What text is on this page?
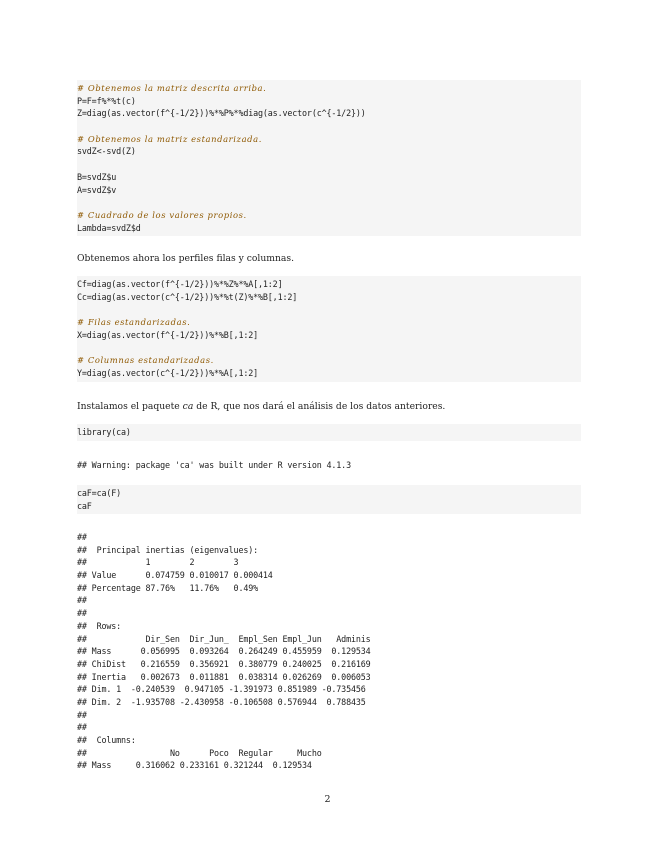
# Obtenemos la matriz descrita arriba.
P=F=f%*%t(c)
Z=diag(as.vector(f^{-1/2}))%*%P%*%diag(as.vector(c^{-1/2}))
# Obtenemos la matriz estandarizada.
svdZ<-svd(Z)
B=svdZ$u
A=svdZ$v
# Cuadrado de los valores propios.
Lambda=svdZ$d
Obtenemos ahora los perfiles filas y columnas.
Cf=diag(as.vector(f^{-1/2}))%*%Z%*%A[,1:2]
Cc=diag(as.vector(c^{-1/2}))%*%t(Z)%*%B[,1:2]
# Filas estandarizadas.
X=diag(as.vector(f^{-1/2}))%*%B[,1:2]
# Columnas estandarizadas.
Y=diag(as.vector(c^{-1/2}))%*%A[,1:2]
Instalamos el paquete ca de R, que nos dará el análisis de los datos anteriores.
library(ca)
## Warning: package 'ca' was built under R version 4.1.3
caF=ca(F)
caF
##
##  Principal inertias (eigenvalues):
##            1        2        3
## Value      0.074759 0.010017 0.000414
## Percentage 87.76%   11.76%   0.49%
##
##
##  Rows:
##            Dir_Sen  Dir_Jun_  Empl_Sen Empl_Jun   Adminis
## Mass      0.056995  0.093264  0.264249 0.455959  0.129534
## ChiDist   0.216559  0.356921  0.380779 0.240025  0.216169
## Inertia   0.002673  0.011881  0.038314 0.026269  0.006053
## Dim. 1  -0.240539  0.947105 -1.391973 0.851989 -0.735456
## Dim. 2  -1.935708 -2.430958 -0.106508 0.576944  0.788435
##
##
##  Columns:
##                 No      Poco  Regular     Mucho
## Mass     0.316062 0.233161 0.321244  0.129534
2
